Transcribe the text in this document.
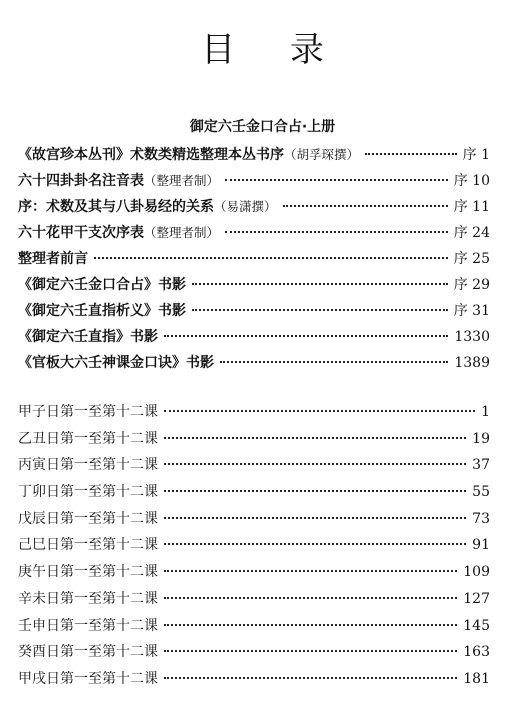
目 录
御定六壬金口合占·上册
《故宫珍本丛刊》术数类精选整理本丛书序 （胡孚琛撰）	序 1
六十四卦卦名注音表 （整理者制）	序 10
序：术数及其与八卦易经的关系 （易潇撰）	序 11
六十花甲干支次序表 （整理者制）	序 24
整理者前言	序 25
《御定六壬金口合占》书影	序 29
《御定六壬直指析义》书影	序 31
《御定六壬直指》书影	1330
《官板大六壬神课金口诀》书影	1389
甲子日第一至第十二课	1
乙丑日第一至第十二课	19
丙寅日第一至第十二课	37
丁卯日第一至第十二课	55
戊辰日第一至第十二课	73
己巳日第一至第十二课	91
庚午日第一至第十二课	109
辛未日第一至第十二课	127
壬申日第一至第十二课	145
癸酉日第一至第十二课	163
甲戌日第一至第十二课	181
